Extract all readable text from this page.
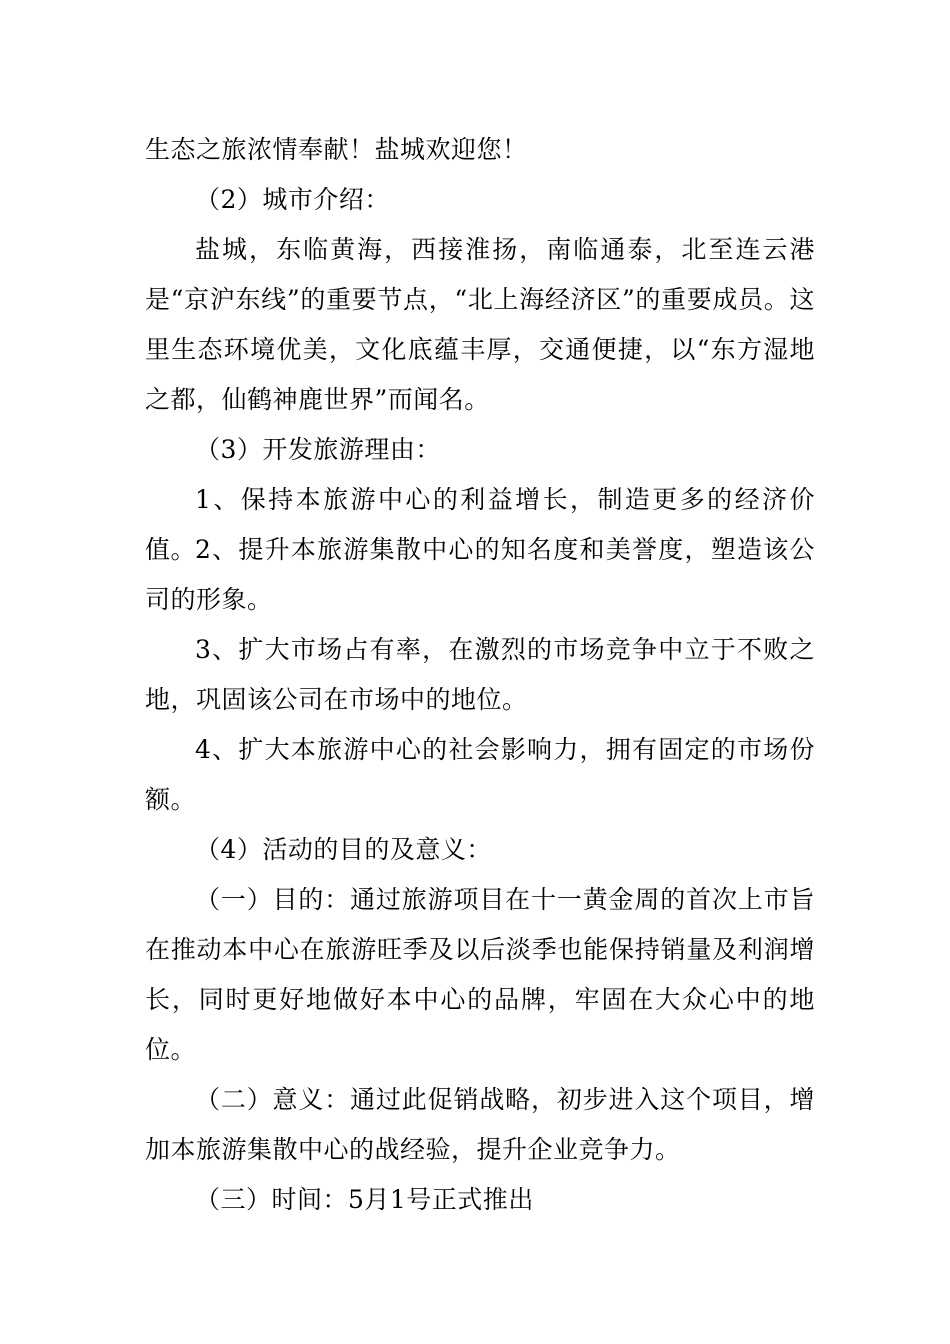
生态之旅浓情奉献！盐城欢迎您！

（2）城市介绍：

盐城，东临黄海，西接淮扬，南临通泰，北至连云港是“京沪东线”的重要节点，“北上海经济区”的重要成员。这里生态环境优美，文化底蕴丰厚，交通便捷，以“东方湿地之都，仙鹤神鹿世界”而闻名。

（3）开发旅游理由：

1、保持本旅游中心的利益增长，制造更多的经济价值。

2、提升本旅游集散中心的知名度和美誉度，塑造该公司的形象。

3、扩大市场占有率，在激烈的市场竞争中立于不败之地，巩固该公司在市场中的地位。

4、扩大本旅游中心的社会影响力，拥有固定的市场份额。

（4）活动的目的及意义：

（一）目的：通过旅游项目在十一黄金周的首次上市旨在推动本中心在旅游旺季及以后淡季也能保持销量及利润增长，同时更好地做好本中心的品牌，牢固在大众心中的地位。

（二）意义：通过此促销战略，初步进入这个项目，增加本旅游集散中心的战经验，提升企业竞争力。

（三）时间：5月1号正式推出
